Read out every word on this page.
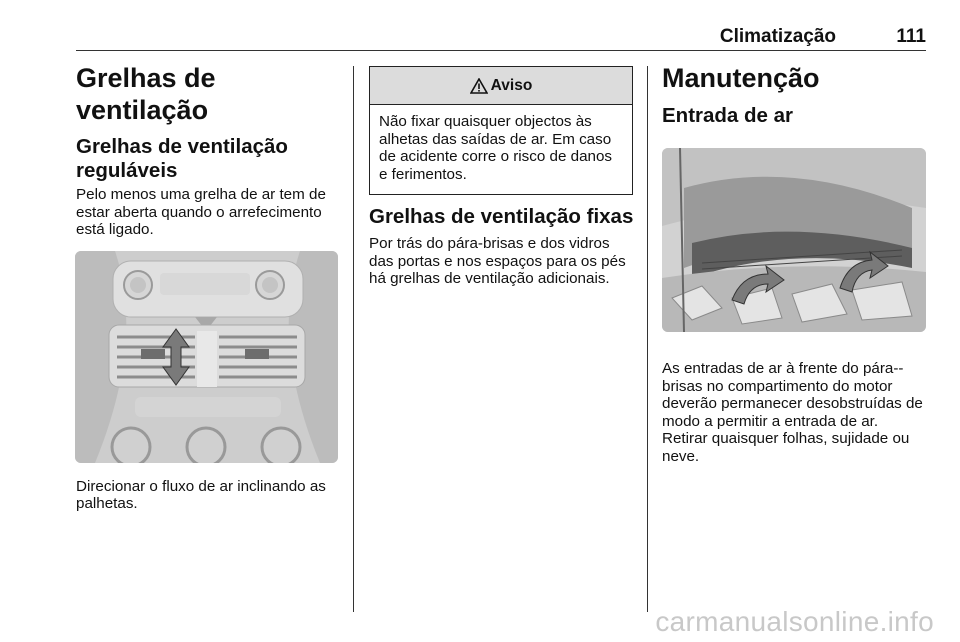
Climatização	111
Grelhas de ventilação
Grelhas de ventilação reguláveis

Pelo menos uma grelha de ar tem de estar aberta quando o arrefecimento está ligado.

Direcionar o fluxo de ar inclinando as palhetas.

Aviso

Não fixar quaisquer objectos às alhetas das saídas de ar. Em caso de acidente corre o risco de danos e ferimentos.

Grelhas de ventilação fixas

Por trás do pára-brisas e dos vidros das portas e nos espaços para os pés há grelhas de ventilação adicionais.

Manutenção
Entrada de ar

As entradas de ar à frente do pára--brisas no compartimento do motor deverão permanecer desobstruídas de modo a permitir a entrada de ar. Retirar quaisquer folhas, sujidade ou neve.

carmanualsonline.info
